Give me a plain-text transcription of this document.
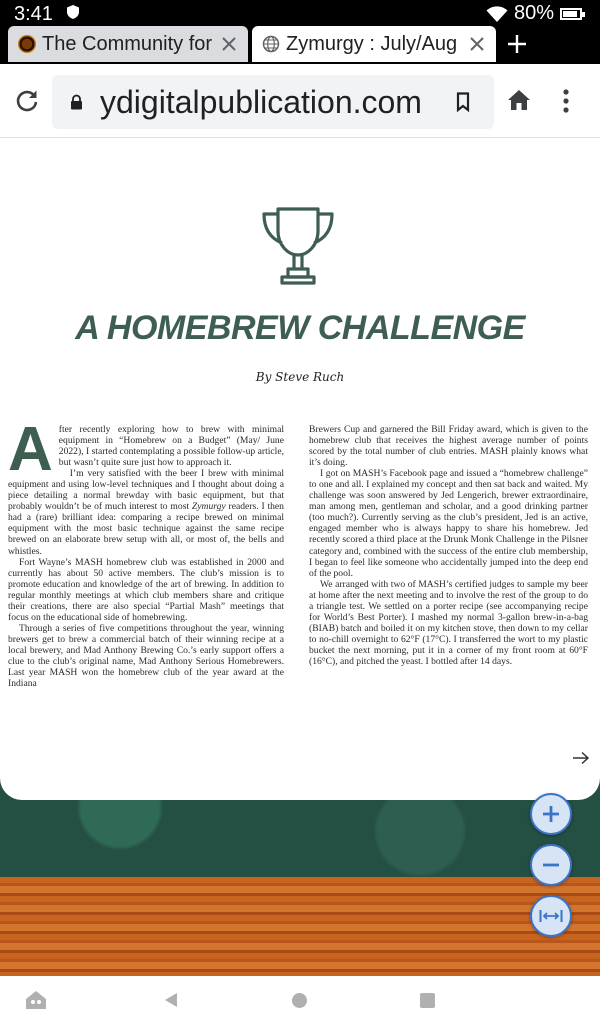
3:41	80%
The Community for	Zymurgy : July/Aug
ydigitalpublication.com
A HOMEBREW CHALLENGE
By Steve Ruch
A fter recently exploring how to brew with minimal equipment in “Homebrew on a Budget” (May/ June 2022), I started contemplating a possible follow-up article, but wasn’t quite sure just how to approach it.

I’m very satisfied with the beer I brew with minimal equipment and using low-level techniques and I thought about doing a piece detailing a normal brewday with basic equipment, but that probably wouldn’t be of much interest to most Zymurgy readers. I then had a (rare) brilliant idea: comparing a recipe brewed on minimal equipment with the most basic technique against the same recipe brewed on an elaborate brew setup with all, or most of, the bells and whistles.

Fort Wayne’s MASH homebrew club was established in 2000 and currently has about 50 active members. The club’s mission is to promote education and knowledge of the art of brewing. In addition to regular monthly meetings at which club members share and critique their creations, there are also special “Partial Mash” meetings that focus on the educational side of homebrewing.

Through a series of five competitions throughout the year, winning brewers get to brew a commercial batch of their winning recipe at a local brewery, and Mad Anthony Brewing Co.’s early support offers a clue to the club’s original name, Mad Anthony Serious Homebrewers. Last year MASH won the homebrew club of the year award at the Indiana

Brewers Cup and garnered the Bill Friday award, which is given to the homebrew club that receives the highest average number of points scored by the total number of club entries. MASH plainly knows what it’s doing.

I got on MASH’s Facebook page and issued a “homebrew challenge” to one and all. I explained my concept and then sat back and waited. My challenge was soon answered by Jed Lengerich, brewer extraordinaire, man among men, gentleman and scholar, and a good drinking partner (too much?). Currently serving as the club’s president, Jed is an active, engaged member who is always happy to share his homebrew. Jed recently scored a third place at the Drunk Monk Challenge in the Pilsner category and, combined with the success of the entire club membership, I began to feel like someone who accidentally jumped into the deep end of the pool.

We arranged with two of MASH’s certified judges to sample my beer at home after the next meeting and to involve the rest of the group to do a triangle test. We settled on a porter recipe (see accompanying recipe for World’s Best Porter). I mashed my normal 3-gallon brew-in-a-bag (BIAB) batch and boiled it on my kitchen stove, then down to my cellar to no-chill overnight to 62°F (17°C). I transferred the wort to my plastic bucket the next morning, put it in a corner of my front room at 60°F (16°C), and pitched the yeast. I bottled after 14 days.
